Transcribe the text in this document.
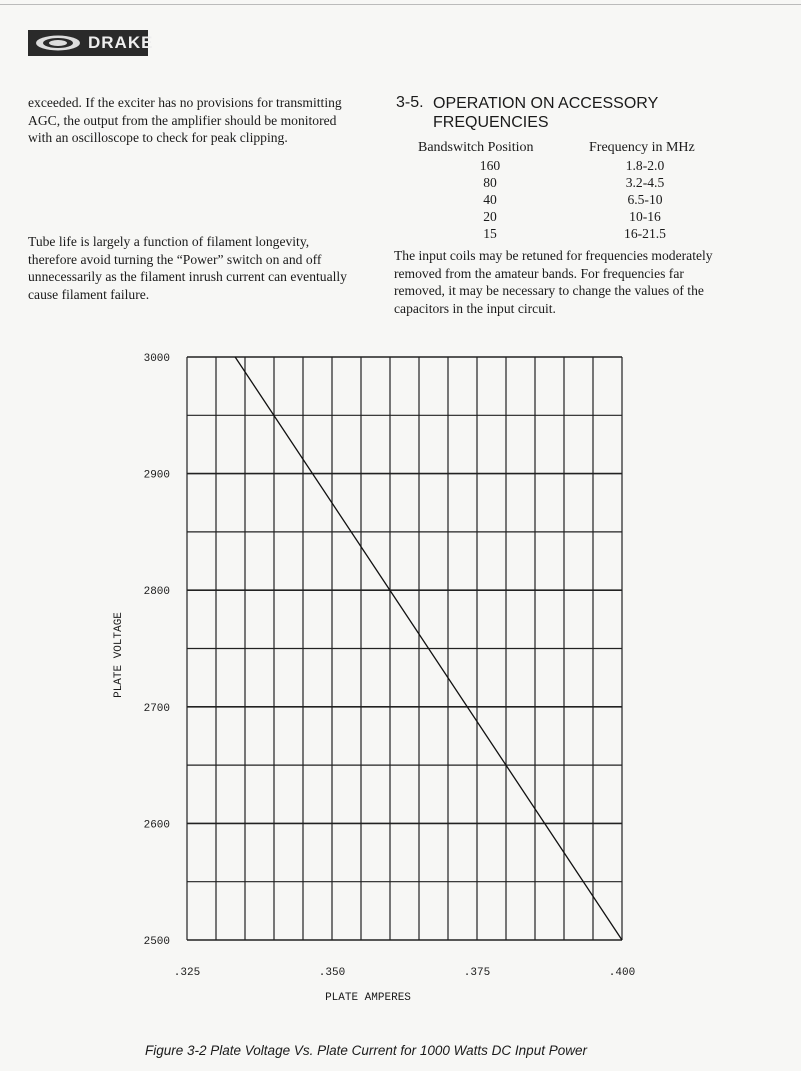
DRAKE

exceeded. If the exciter has no provisions for transmitting AGC, the output from the amplifier should be monitored with an oscilloscope to check for peak clipping.

Tube life is largely a function of filament longevity, therefore avoid turning the “Power” switch on and off unnecessarily as the filament inrush current can eventually cause filament failure.

3-5. OPERATION ON ACCESSORY
FREQUENCIES
Bandswitch Position	Frequency in MHz
160	1.8-2.0
80	3.2-4.5
40	6.5-10
20	10-16
15	16-21.5

The input coils may be retuned for frequencies moderately removed from the amateur bands. For frequencies far removed, it may be necessary to change the values of the capacitors in the input circuit.

3000
2900
2800
2700
2600
2500
.325	.350	.375	.400
PLATE AMPERES
PLATE VOLTAGE
Figure 3-2 Plate Voltage Vs. Plate Current for 1000 Watts DC Input Power
